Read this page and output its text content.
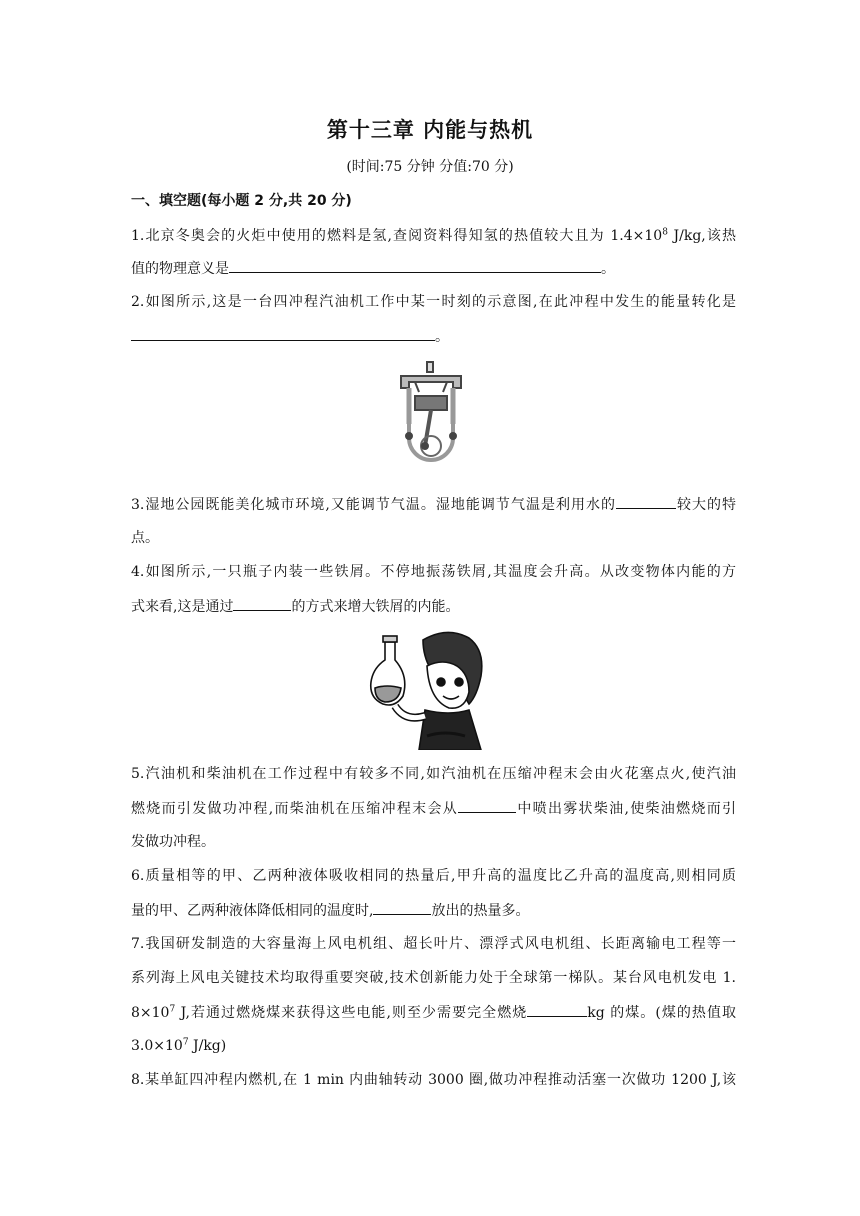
第十三章 内能与热机
(时间:75 分钟 分值:70 分)
一、填空题(每小题 2 分,共 20 分)
1.北京冬奥会的火炬中使用的燃料是氢,查阅资料得知氢的热值较大且为 $1.4\times 10^8$ J/kg,该热
值的物理意义是	。
2.如图所示,这是一台四冲程汽油机工作中某一时刻的示意图,在此冲程中发生的能量转化是
。
3.湿地公园既能美化城市环境,又能调节气温。湿地能调节气温是利用水的	较大的特
点。
4.如图所示,一只瓶子内装一些铁屑。不停地振荡铁屑,其温度会升高。从改变物体内能的方
式来看,这是通过	的方式来增大铁屑的内能。
5.汽油机和柴油机在工作过程中有较多不同,如汽油机在压缩冲程末会由火花塞点火,使汽油
燃烧而引发做功冲程,而柴油机在压缩冲程末会从	中喷出雾状柴油,使柴油燃烧而引
发做功冲程。
6.质量相等的甲、乙两种液体吸收相同的热量后,甲升高的温度比乙升高的温度高,则相同质
量的甲、乙两种液体降低相同的温度时,	放出的热量多。
7.我国研发制造的大容量海上风电机组、超长叶片、漂浮式风电机组、长距离输电工程等一
系列海上风电关键技术均取得重要突破,技术创新能力处于全球第一梯队。某台风电机发电 1.
$8\times 10^7$ J,若通过燃烧煤来获得这些电能,则至少需要完全燃烧	kg 的煤。(煤的热值取
$3.0\times 10^7$ J/kg)
8.某单缸四冲程内燃机,在 1 min 内曲轴转动 3000 圈,做功冲程推动活塞一次做功 1200 J,该
